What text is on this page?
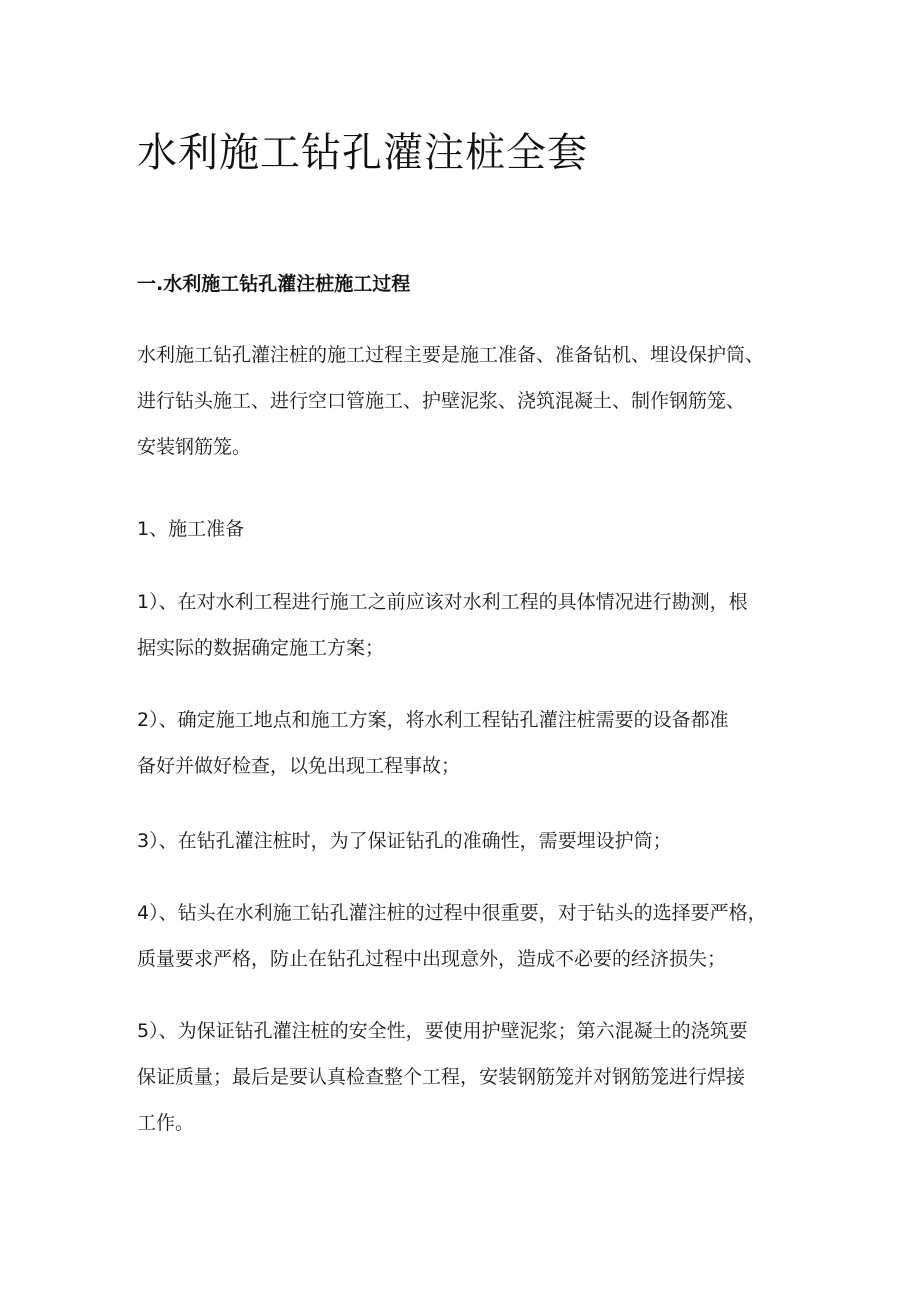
水利施工钻孔灌注桩全套
一.水利施工钻孔灌注桩施工过程

水利施工钻孔灌注桩的施工过程主要是施工准备、准备钻机、埋设保护筒、
进行钻头施工、进行空口管施工、护壁泥浆、浇筑混凝土、制作钢筋笼、
安装钢筋笼。

1、施工准备

1）、在对水利工程进行施工之前应该对水利工程的具体情况进行勘测，根
据实际的数据确定施工方案；

2）、确定施工地点和施工方案，将水利工程钻孔灌注桩需要的设备都准
备好并做好检查，以免出现工程事故；

3）、在钻孔灌注桩时，为了保证钻孔的准确性，需要埋设护筒；

4）、钻头在水利施工钻孔灌注桩的过程中很重要，对于钻头的选择要严格，
质量要求严格，防止在钻孔过程中出现意外，造成不必要的经济损失；

5）、为保证钻孔灌注桩的安全性，要使用护壁泥浆；第六混凝土的浇筑要
保证质量；最后是要认真检查整个工程，安装钢筋笼并对钢筋笼进行焊接
工作。
